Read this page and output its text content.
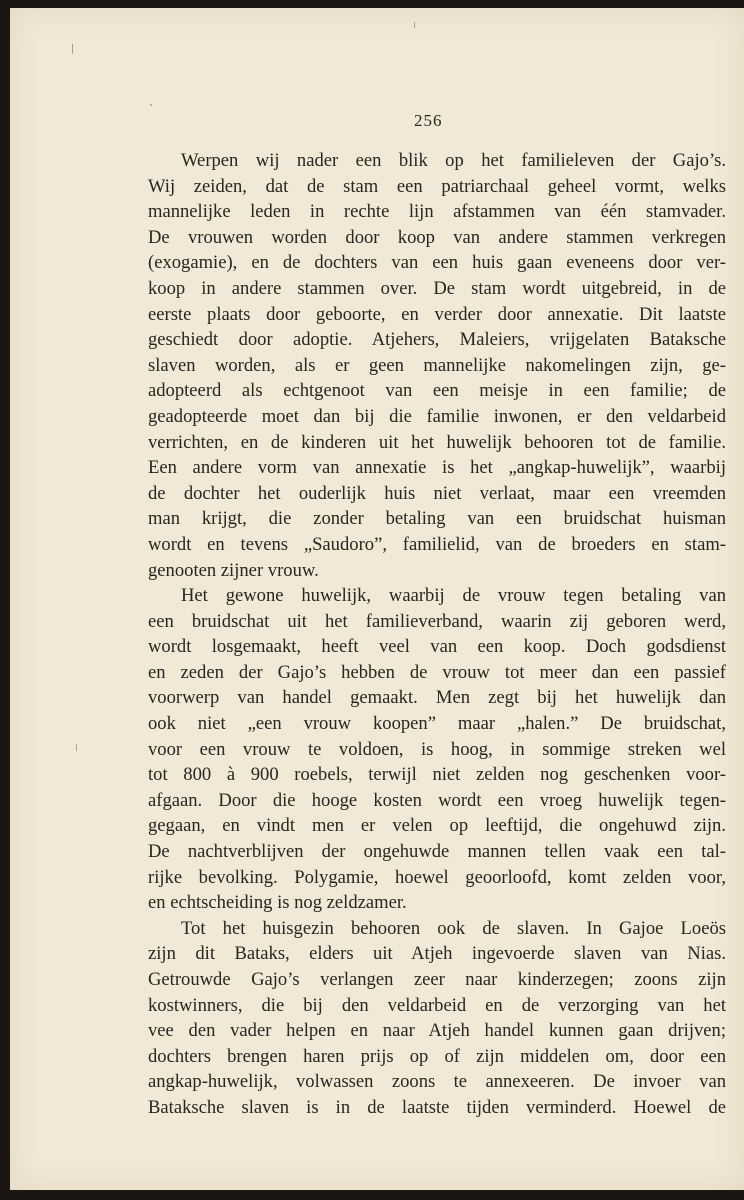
256
Werpen wij nader een blik op het familieleven der Gajo’s.
Wij zeiden, dat de stam een patriarchaal geheel vormt, welks
mannelijke leden in rechte lijn afstammen van één stamvader.
De vrouwen worden door koop van andere stammen verkregen
(exogamie), en de dochters van een huis gaan eveneens door ver-
koop in andere stammen over. De stam wordt uitgebreid, in de
eerste plaats door geboorte, en verder door annexatie. Dit laatste
geschiedt door adoptie. Atjehers, Maleiers, vrijgelaten Bataksche
slaven worden, als er geen mannelijke nakomelingen zijn, ge-
adopteerd als echtgenoot van een meisje in een familie; de
geadopteerde moet dan bij die familie inwonen, er den veldarbeid
verrichten, en de kinderen uit het huwelijk behooren tot de familie.
Een andere vorm van annexatie is het „angkap-huwelijk”, waarbij
de dochter het ouderlijk huis niet verlaat, maar een vreemden
man krijgt, die zonder betaling van een bruidschat huisman
wordt en tevens „Saudoro”, familielid, van de broeders en stam-
genooten zijner vrouw.
Het gewone huwelijk, waarbij de vrouw tegen betaling van
een bruidschat uit het familieverband, waarin zij geboren werd,
wordt losgemaakt, heeft veel van een koop. Doch godsdienst
en zeden der Gajo’s hebben de vrouw tot meer dan een passief
voorwerp van handel gemaakt. Men zegt bij het huwelijk dan
ook niet „een vrouw koopen” maar „halen.” De bruidschat,
voor een vrouw te voldoen, is hoog, in sommige streken wel
tot 800 à 900 roebels, terwijl niet zelden nog geschenken voor-
afgaan. Door die hooge kosten wordt een vroeg huwelijk tegen-
gegaan, en vindt men er velen op leeftijd, die ongehuwd zijn.
De nachtverblijven der ongehuwde mannen tellen vaak een tal-
rijke bevolking. Polygamie, hoewel geoorloofd, komt zelden voor,
en echtscheiding is nog zeldzamer.
Tot het huisgezin behooren ook de slaven. In Gajoe Loeös
zijn dit Bataks, elders uit Atjeh ingevoerde slaven van Nias.
Getrouwde Gajo’s verlangen zeer naar kinderzegen; zoons zijn
kostwinners, die bij den veldarbeid en de verzorging van het
vee den vader helpen en naar Atjeh handel kunnen gaan drijven;
dochters brengen haren prijs op of zijn middelen om, door een
angkap-huwelijk, volwassen zoons te annexeeren. De invoer van
Bataksche slaven is in de laatste tijden verminderd. Hoewel de
